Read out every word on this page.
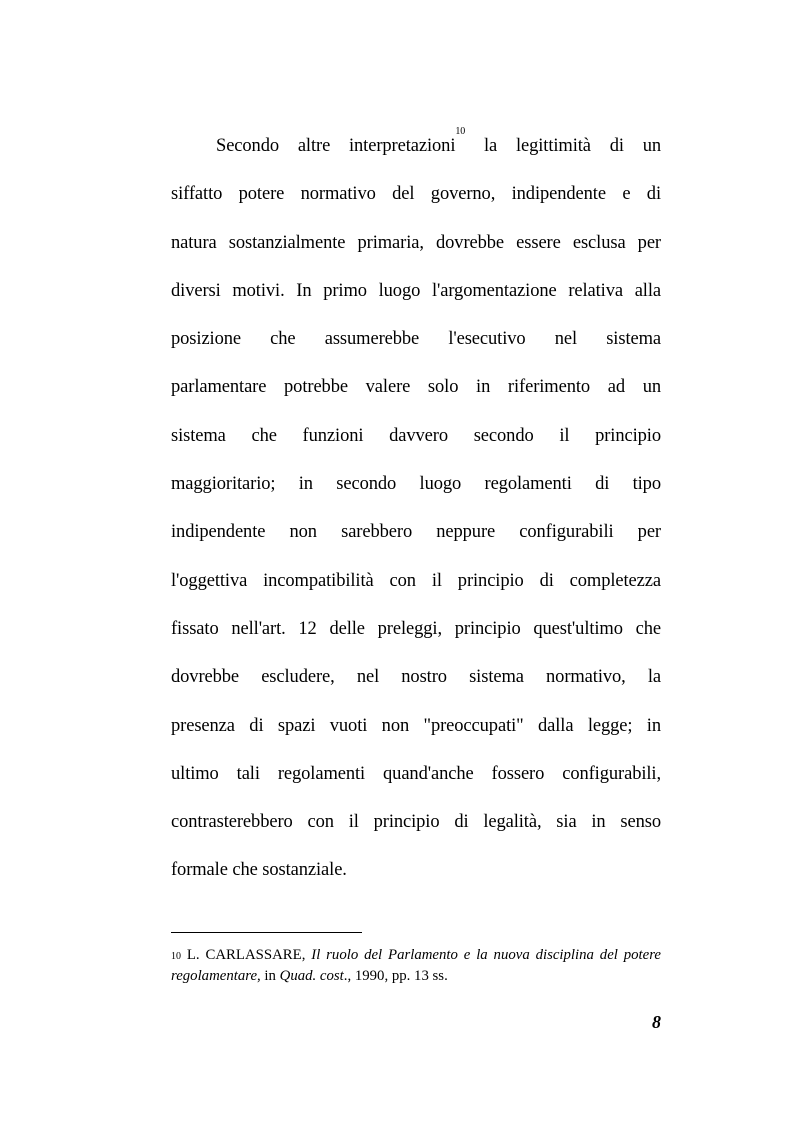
Secondo altre interpretazioni$^{10}$ la legittimità di un
siffatto potere normativo del governo, indipendente e di
natura sostanzialmente primaria, dovrebbe essere esclusa per
diversi motivi. In primo luogo l'argomentazione relativa alla
posizione che assumerebbe l'esecutivo nel sistema
parlamentare potrebbe valere solo in riferimento ad un
sistema che funzioni davvero secondo il principio
maggioritario; in secondo luogo regolamenti di tipo
indipendente non sarebbero neppure configurabili per
l'oggettiva incompatibilità con il principio di completezza
fissato nell'art. 12 delle preleggi, principio quest'ultimo che
dovrebbe escludere, nel nostro sistema normativo, la
presenza di spazi vuoti non "preoccupati" dalla legge; in
ultimo tali regolamenti quand'anche fossero configurabili,
contrasterebbero con il principio di legalità, sia in senso
formale che sostanziale.
$^{10}$ L. CARLASSARE, Il ruolo del Parlamento e la nuova disciplina del potere
regolamentare, in Quad. cost., 1990, pp. 13 ss.
8
